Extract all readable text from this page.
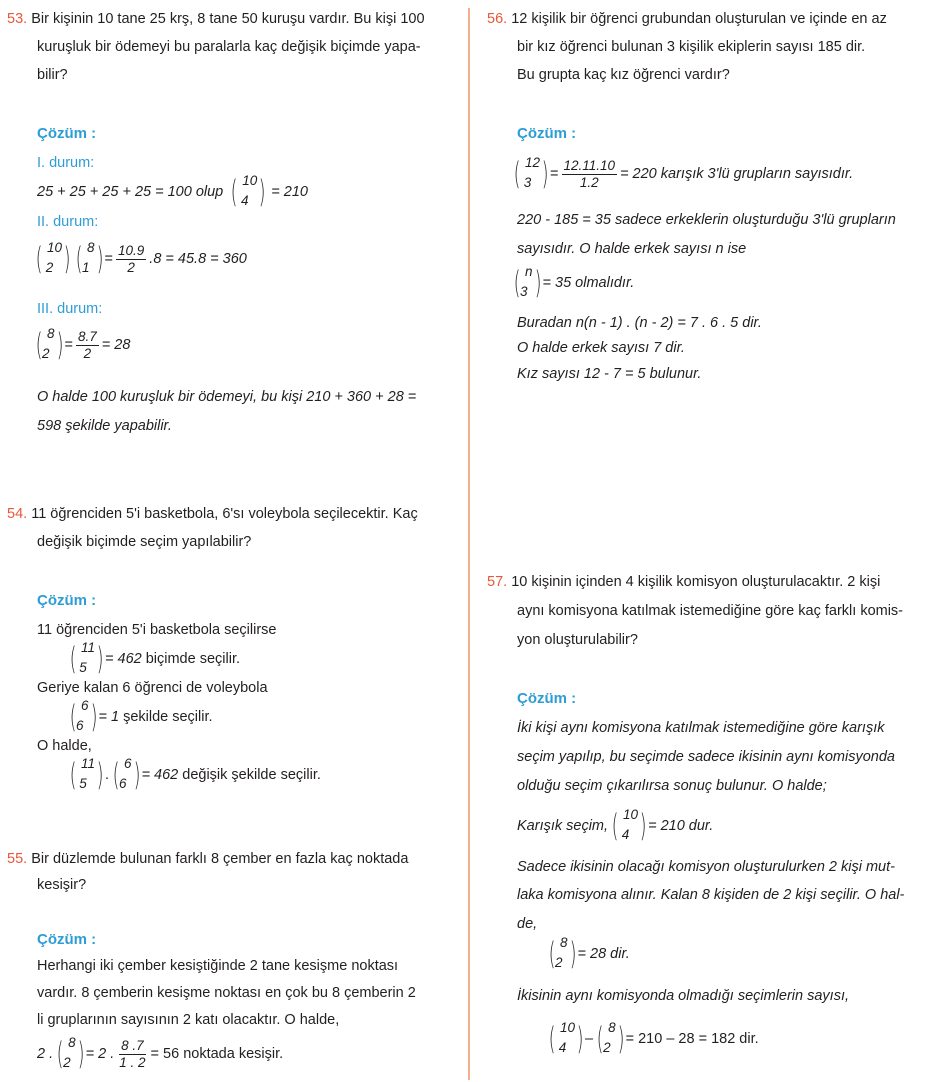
53. Bir kişinin 10 tane 25 krş, 8 tane 50 kuruşu vardır. Bu kişi 100
kuruşluk bir ödemeyi bu paralarla kaç değişik biçimde yapa-
bilir?
Çözüm :
I. durum:
25 + 25 + 25 + 25 = 100 olup ( 10
4 ) = 210
II. durum:
( 10
2 ) ( 8
1 ) = $\frac{10.9}{2} .8 = 45.8 = 360$
III. durum:
( 8
2 ) = $\frac{8.7}{2} = 28$
O halde 100 kuruşluk bir ödemeyi, bu kişi 210 + 360 + 28 =
598 şekilde yapabilir.
54. 11 öğrenciden 5'i basketbola, 6'sı voleybola seçilecektir. Kaç
değişik biçimde seçim yapılabilir?
Çözüm :
11 öğrenciden 5'i basketbola seçilirse
( 11
5 ) = 462 biçimde seçilir.
Geriye kalan 6 öğrenci de voleybola
( 6
6 ) = 1 şekilde seçilir.
O halde,
( 11
5 ) . ( 6
6 ) = 462 değişik şekilde seçilir.
55. Bir düzlemde bulunan farklı 8 çember en fazla kaç noktada
kesişir?
Çözüm :
Herhangi iki çember kesiştiğinde 2 tane kesişme noktası
vardır. 8 çemberin kesişme noktası en çok bu 8 çemberin 2
li gruplarının sayısının 2 katı olacaktır. O halde,
2 . ( 8
2 ) = 2 . $\frac{8 .7}{1 . 2} = 56$ noktada kesişir.
56. 12 kişilik bir öğrenci grubundan oluşturulan ve içinde en az
bir kız öğrenci bulunan 3 kişilik ekiplerin sayısı 185 dir.
Bu grupta kaç kız öğrenci vardır?
Çözüm :
( 12
3 ) = $\frac{12.11.10}{1.2} = 220$ karışık 3'lü grupların sayısıdır.
220 - 185 = 35 sadece erkeklerin oluşturduğu 3'lü grupların
sayısıdır. O halde erkek sayısı n ise
( n
3 ) = 35 olmalıdır.
Buradan n(n - 1) . (n - 2) = 7 . 6 . 5 dir.
O halde erkek sayısı 7 dir.
Kız sayısı 12 - 7 = 5 bulunur.
57. 10 kişinin içinden 4 kişilik komisyon oluşturulacaktır. 2 kişi
aynı komisyona katılmak istemediğine göre kaç farklı komis-
yon oluşturulabilir?
Çözüm :
İki kişi aynı komisyona katılmak istemediğine göre karışık
seçim yapılıp, bu seçimde sadece ikisinin aynı komisyonda
olduğu seçim çıkarılırsa sonuç bulunur. O halde;
Karışık seçim, ( 10
4 ) = 210 dur.
Sadece ikisinin olacağı komisyon oluşturulurken 2 kişi mut-
laka komisyona alınır. Kalan 8 kişiden de 2 kişi seçilir. O hal-
de,
( 8
2 ) = 28 dir.
İkisinin aynı komisyonda olmadığı seçimlerin sayısı,
( 10
4 ) – ( 8
2 ) = 210 – 28 = 182 dir.
